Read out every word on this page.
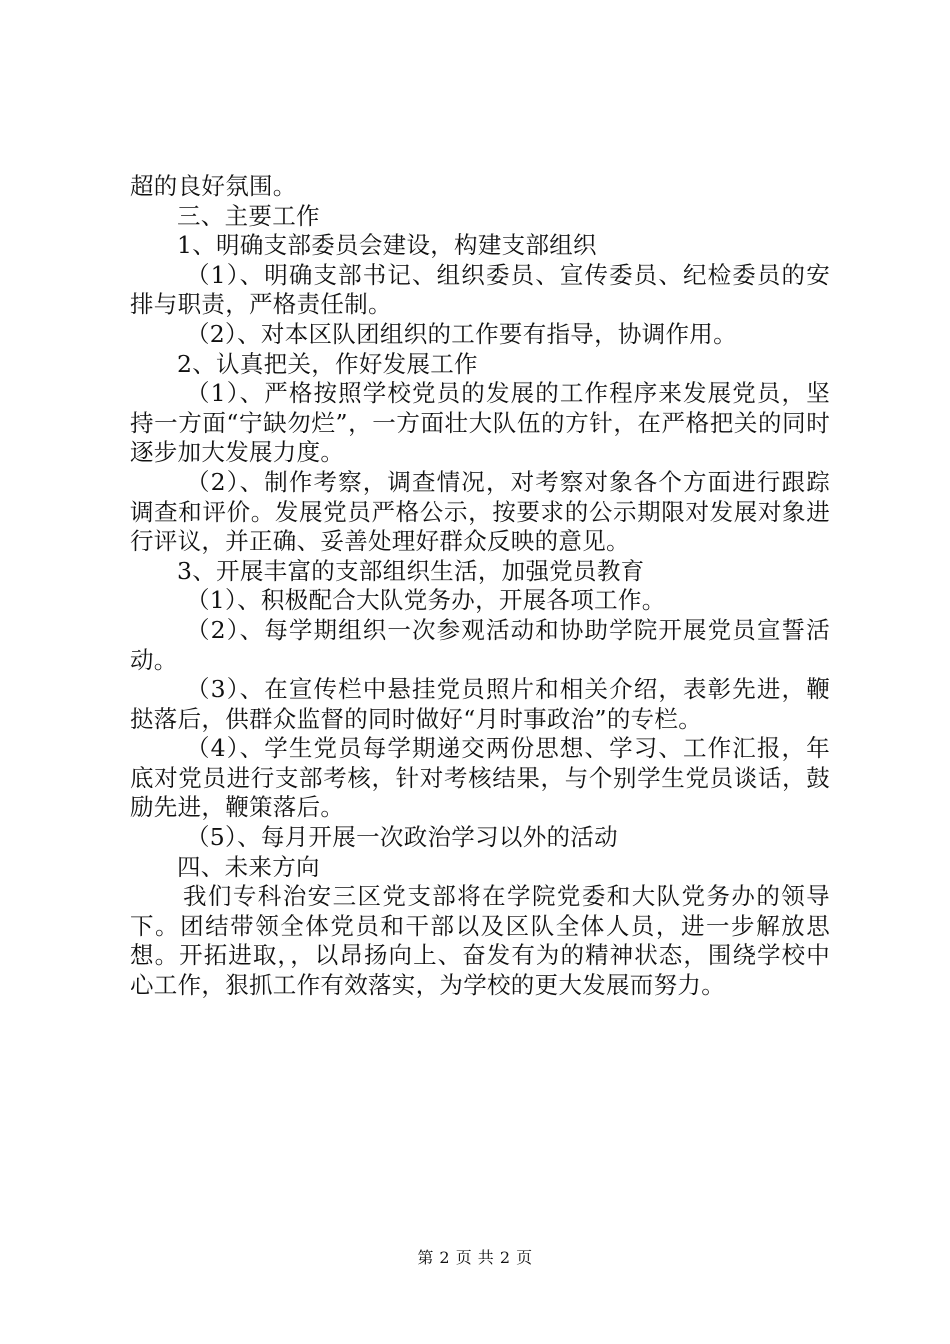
超的良好氛围。

三、主要工作

1、明确支部委员会建设，构建支部组织

（1）、明确支部书记、组织委员、宣传委员、纪检委员的安排与职责，严格责任制。

（2）、对本区队团组织的工作要有指导，协调作用。

2、认真把关，作好发展工作

（1）、严格按照学校党员的发展的工作程序来发展党员，坚持一方面“宁缺勿烂”，一方面壮大队伍的方针，在严格把关的同时逐步加大发展力度。

（2）、制作考察，调查情况，对考察对象各个方面进行跟踪调查和评价。发展党员严格公示，按要求的公示期限对发展对象进行评议，并正确、妥善处理好群众反映的意见。

3、开展丰富的支部组织生活，加强党员教育

（1）、积极配合大队党务办，开展各项工作。

（2）、每学期组织一次参观活动和协助学院开展党员宣誓活动。

（3）、在宣传栏中悬挂党员照片和相关介绍，表彰先进，鞭挞落后，供群众监督的同时做好“月时事政治”的专栏。

（4）、学生党员每学期递交两份思想、学习、工作汇报，年底对党员进行支部考核，针对考核结果，与个别学生党员谈话，鼓励先进，鞭策落后。

（5）、每月开展一次政治学习以外的活动

四、未来方向

我们专科治安三区党支部将在学院党委和大队党务办的领导下。团结带领全体党员和干部以及区队全体人员，进一步解放思想。开拓进取，，以昂扬向上、奋发有为的精神状态，围绕学校中心工作，狠抓工作有效落实，为学校的更大发展而努力。

第 2 页 共 2 页
